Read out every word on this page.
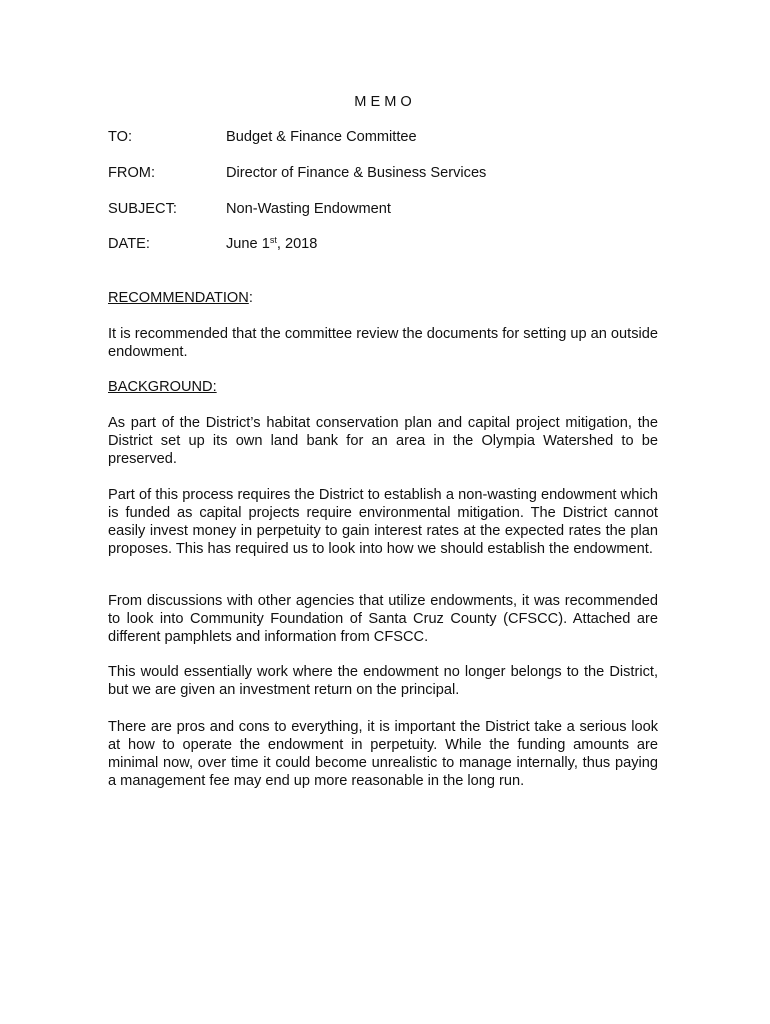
MEMO
TO:	Budget & Finance Committee
FROM:	Director of Finance & Business Services
SUBJECT:	Non-Wasting Endowment
DATE:	June 1st, 2018
RECOMMENDATION:

It is recommended that the committee review the documents for setting up an outside endowment.

BACKGROUND:

As part of the District’s habitat conservation plan and capital project mitigation, the District set up its own land bank for an area in the Olympia Watershed to be preserved.

Part of this process requires the District to establish a non-wasting endowment which is funded as capital projects require environmental mitigation. The District cannot easily invest money in perpetuity to gain interest rates at the expected rates the plan proposes. This has required us to look into how we should establish the endowment.

From discussions with other agencies that utilize endowments, it was recommended to look into Community Foundation of Santa Cruz County (CFSCC). Attached are different pamphlets and information from CFSCC.

This would essentially work where the endowment no longer belongs to the District, but we are given an investment return on the principal.

There are pros and cons to everything, it is important the District take a serious look at how to operate the endowment in perpetuity. While the funding amounts are minimal now, over time it could become unrealistic to manage internally, thus paying a management fee may end up more reasonable in the long run.
